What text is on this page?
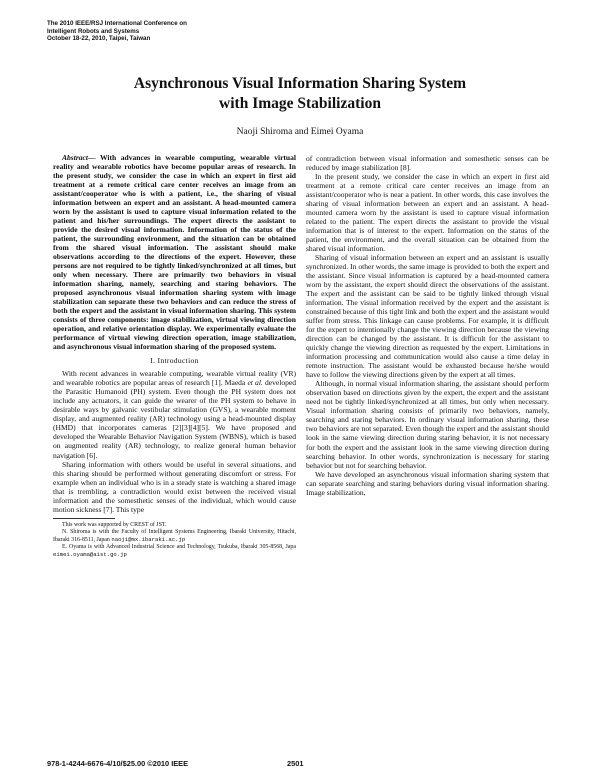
The 2010 IEEE/RSJ International Conference on
Intelligent Robots and Systems
October 18-22, 2010, Taipei, Taiwan
Asynchronous Visual Information Sharing System
with Image Stabilization
Naoji Shiroma and Eimei Oyama

Abstract— With advances in wearable computing, wearable virtual reality and wearable robotics have become popular areas of research. In the present study, we consider the case in which an expert in first aid treatment at a remote critical care center receives an image from an assistant/cooperator who is with a patient, i.e., the sharing of visual information between an expert and an assistant. A head-mounted camera worn by the assistant is used to capture visual information related to the patient and his/her surroundings. The expert directs the assistant to provide the desired visual information. Information of the status of the patient, the surrounding environment, and the situation can be obtained from the shared visual information. The assistant should make observations according to the directions of the expert. However, these persons are not required to be tightly linked/synchronized at all times, but only when necessary. There are primarily two behaviors in visual information sharing, namely, searching and staring behaviors. The proposed asynchronous visual information sharing system with image stabilization can separate these two behaviors and can reduce the stress of both the expert and the assistant in visual information sharing. This system consists of three components: image stabilization, virtual viewing direction operation, and relative orientation display. We experimentally evaluate the performance of virtual viewing direction operation, image stabilization, and asynchronous visual information sharing of the proposed system.

I. Introduction

With recent advances in wearable computing, wearable virtual reality (VR) and wearable robotics are popular areas of research [1]. Maeda et al. developed the Parasitic Humanoid (PH) system. Even though the PH system does not include any actuators, it can guide the wearer of the PH system to behave in desirable ways by galvanic vestibular stimulation (GVS), a wearable moment display, and augmented reality (AR) technology using a head-mounted display (HMD) that incorporates cameras [2][3][4][5]. We have proposed and developed the Wearable Behavior Navigation System (WBNS), which is based on augmented reality (AR) technology, to realize general human behavior navigation [6].

Sharing information with others would be useful in several situations, and this sharing should be performed without generating discomfort or stress. For example when an individual who is in a steady state is watching a shared image that is trembling, a contradiction would exist between the received visual information and the somesthetic senses of the individual, which would cause motion sickness [7]. This type

This work was supported by CREST of JST.

N. Shiroma is with the Faculty of Intelligent Systems Engineering, Ibaraki University, Hitachi, Ibaraki 316-8511, Japan naoji@mx.ibaraki.ac.jp

E. Oyama is with Advanced Industrial Science and Technology, Tsukuba, Ibaraki 305-8568, Japa eimei.oyama@aist.go.jp

of contradiction between visual information and somesthetic senses can be reduced by image stabilization [8].

In the present study, we consider the case in which an expert in first aid treatment at a remote critical care center receives an image from an assistant/cooperator who is near a patient. In other words, this case involves the sharing of visual information between an expert and an assistant. A head-mounted camera worn by the assistant is used to capture visual information related to the patient. The expert directs the assistant to provide the visual information that is of interest to the expert. Information on the status of the patient, the environment, and the overall situation can be obtained from the shared visual information.

Sharing of visual information between an expert and an assistant is usually synchronized. In other words, the same image is provided to both the expert and the assistant. Since visual information is captured by a head-mounted camera worn by the assistant, the expert should direct the observations of the assistant. The expert and the assistant can be said to be tightly linked through visual information. The visual information received by the expert and the assistant is constrained because of this tight link and both the expert and the assistant would suffer from stress. This linkage can cause problems. For example, it is difficult for the expert to intentionally change the viewing direction because the viewing direction can be changed by the assistant. It is difficult for the assistant to quickly change the viewing direction as requested by the expert. Limitations in information processing and communication would also cause a time delay in remote instruction. The assistant would be exhausted because he/she would have to follow the viewing directions given by the expert at all times.

Although, in normal visual information sharing, the assistant should perform observation based on directions given by the expert, the expert and the assistant need not be tightly linked/synchronized at all times, but only when necessary. Visual information sharing consists of primarily two behaviors, namely, searching and staring behaviors. In ordinary visual information sharing, these two behaviors are not separated. Even though the expert and the assistant should look in the same viewing direction during staring behavior, it is not necessary for both the expert and the assistant look in the same viewing direction during searching behavior. In other words, synchronization is necessary for staring behavior but not for searching behavior.

We have developed an asynchronous visual information sharing system that can separate searching and staring behaviors during visual information sharing. Image stabilization,

978-1-4244-6676-4/10/$25.00 ©2010 IEEE	2501
